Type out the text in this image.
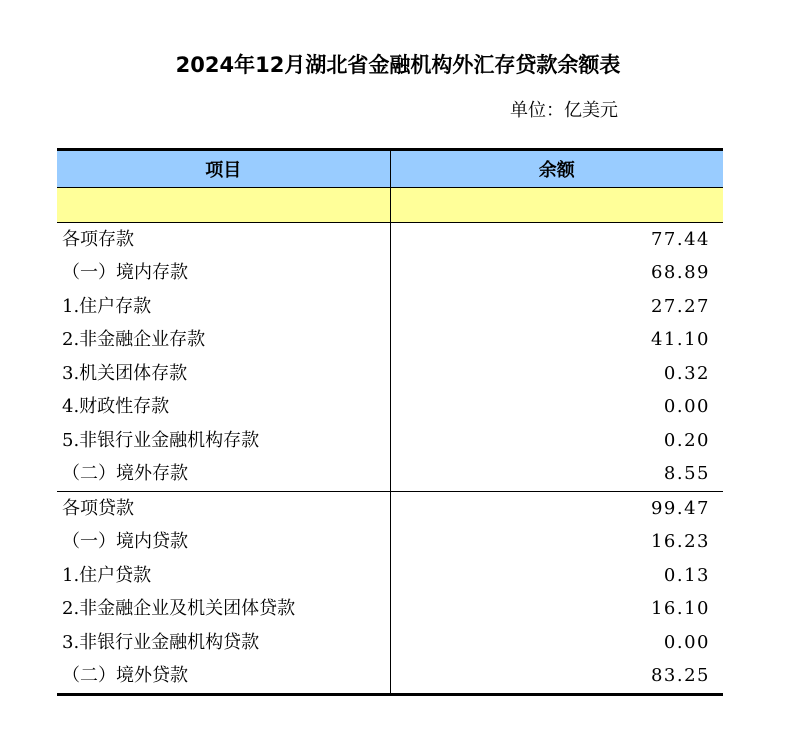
2024年12月湖北省金融机构外汇存贷款余额表
单位：亿美元
项目	余额

各项存款	77.44
（一）境内存款	68.89
1.住户存款	27.27
2.非金融企业存款	41.10
3.机关团体存款	0.32
4.财政性存款	0.00
5.非银行业金融机构存款	0.20
（二）境外存款	8.55
各项贷款	99.47
（一）境内贷款	16.23
1.住户贷款	0.13
2.非金融企业及机关团体贷款	16.10
3.非银行业金融机构贷款	0.00
（二）境外贷款	83.25
